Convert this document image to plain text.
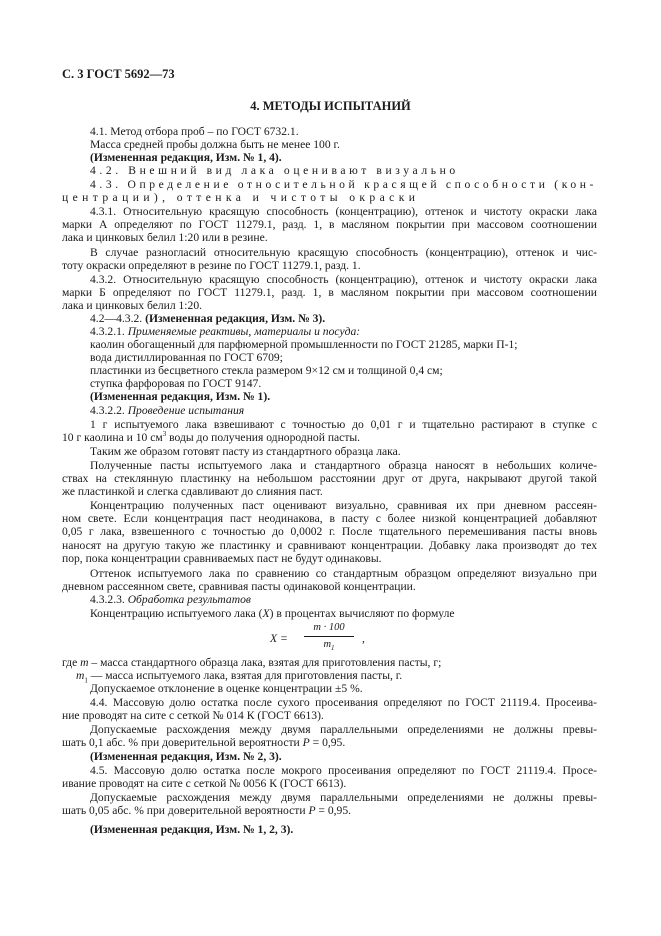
С. 3 ГОСТ 5692—73
4. МЕТОДЫ ИСПЫТАНИЙ
4.1. Метод отбора проб – по ГОСТ 6732.1.
Масса средней пробы должна быть не менее 100 г.
(Измененная редакция, Изм. № 1, 4).
4.2. Внешний вид лака оценивают визуально
4.3. Определение относительной красящей способности (кон-
центрации), оттенка и чистоты окраски
4.3.1. Относительную красящую способность (концентрацию), оттенок и чистоту окраски лака
марки А определяют по ГОСТ 11279.1, разд. 1, в масляном покрытии при массовом соотношении
лака и цинковых белил 1:20 или в резине.
В случае разногласий относительную красящую способность (концентрацию), оттенок и чис-
тоту окраски определяют в резине по ГОСТ 11279.1, разд. 1.
4.3.2. Относительную красящую способность (концентрацию), оттенок и чистоту окраски лака
марки Б определяют по ГОСТ 11279.1, разд. 1, в масляном покрытии при массовом соотношении
лака и цинковых белил 1:20.
4.2—4.3.2. (Измененная редакция, Изм. № 3).
4.3.2.1. Применяемые реактивы, материалы и посуда:
каолин обогащенный для парфюмерной промышленности по ГОСТ 21285, марки П-1;
вода дистиллированная по ГОСТ 6709;
пластинки из бесцветного стекла размером 9×12 см и толщиной 0,4 см;
ступка фарфоровая по ГОСТ 9147.
(Измененная редакция, Изм. № 1).
4.3.2.2. Проведение испытания
1 г испытуемого лака взвешивают с точностью до 0,01 г и тщательно растирают в ступке с
10 г каолина и 10 $см^3$ воды до получения однородной пасты.
Таким же образом готовят пасту из стандартного образца лака.
Полученные пасты испытуемого лака и стандартного образца наносят в небольших количе-
ствах на стеклянную пластинку на небольшом расстоянии друг от друга, накрывают другой такой
же пластинкой и слегка сдавливают до слияния паст.
Концентрацию полученных паст оценивают визуально, сравнивая их при дневном рассеян-
ном свете. Если концентрация паст неодинакова, в пасту с более низкой концентрацией добавляют
0,05 г лака, взвешенного с точностью до 0,0002 г. После тщательного перемешивания пасты вновь
наносят на другую такую же пластинку и сравнивают концентрации. Добавку лака производят до тех
пор, пока концентрации сравниваемых паст не будут одинаковы.
Оттенок испытуемого лака по сравнению со стандартным образцом определяют визуально при
дневном рассеянном свете, сравнивая пасты одинаковой концентрации.
4.3.2.3. Обработка результатов
Концентрацию испытуемого лака (X) в процентах вычисляют по формуле
$X = \frac{m \cdot 100}{m_1}$ ,
где m – масса стандартного образца лака, взятая для приготовления пасты, г;
$m_1$ — масса испытуемого лака, взятая для приготовления пасты, г.
Допускаемое отклонение в оценке концентрации ±5 %.
4.4. Массовую долю остатка после сухого просеивания определяют по ГОСТ 21119.4. Просеива-
ние проводят на сите с сеткой № 014 К (ГОСТ 6613).
Допускаемые расхождения между двумя параллельными определениями не должны превы-
шать 0,1 абс. % при доверительной вероятности P = 0,95.
(Измененная редакция, Изм. № 2, 3).
4.5. Массовую долю остатка после мокрого просеивания определяют по ГОСТ 21119.4. Просе-
ивание проводят на сите с сеткой № 0056 К (ГОСТ 6613).
Допускаемые расхождения между двумя параллельными определениями не должны превы-
шать 0,05 абс. % при доверительной вероятности P = 0,95.
(Измененная редакция, Изм. № 1, 2, 3).
